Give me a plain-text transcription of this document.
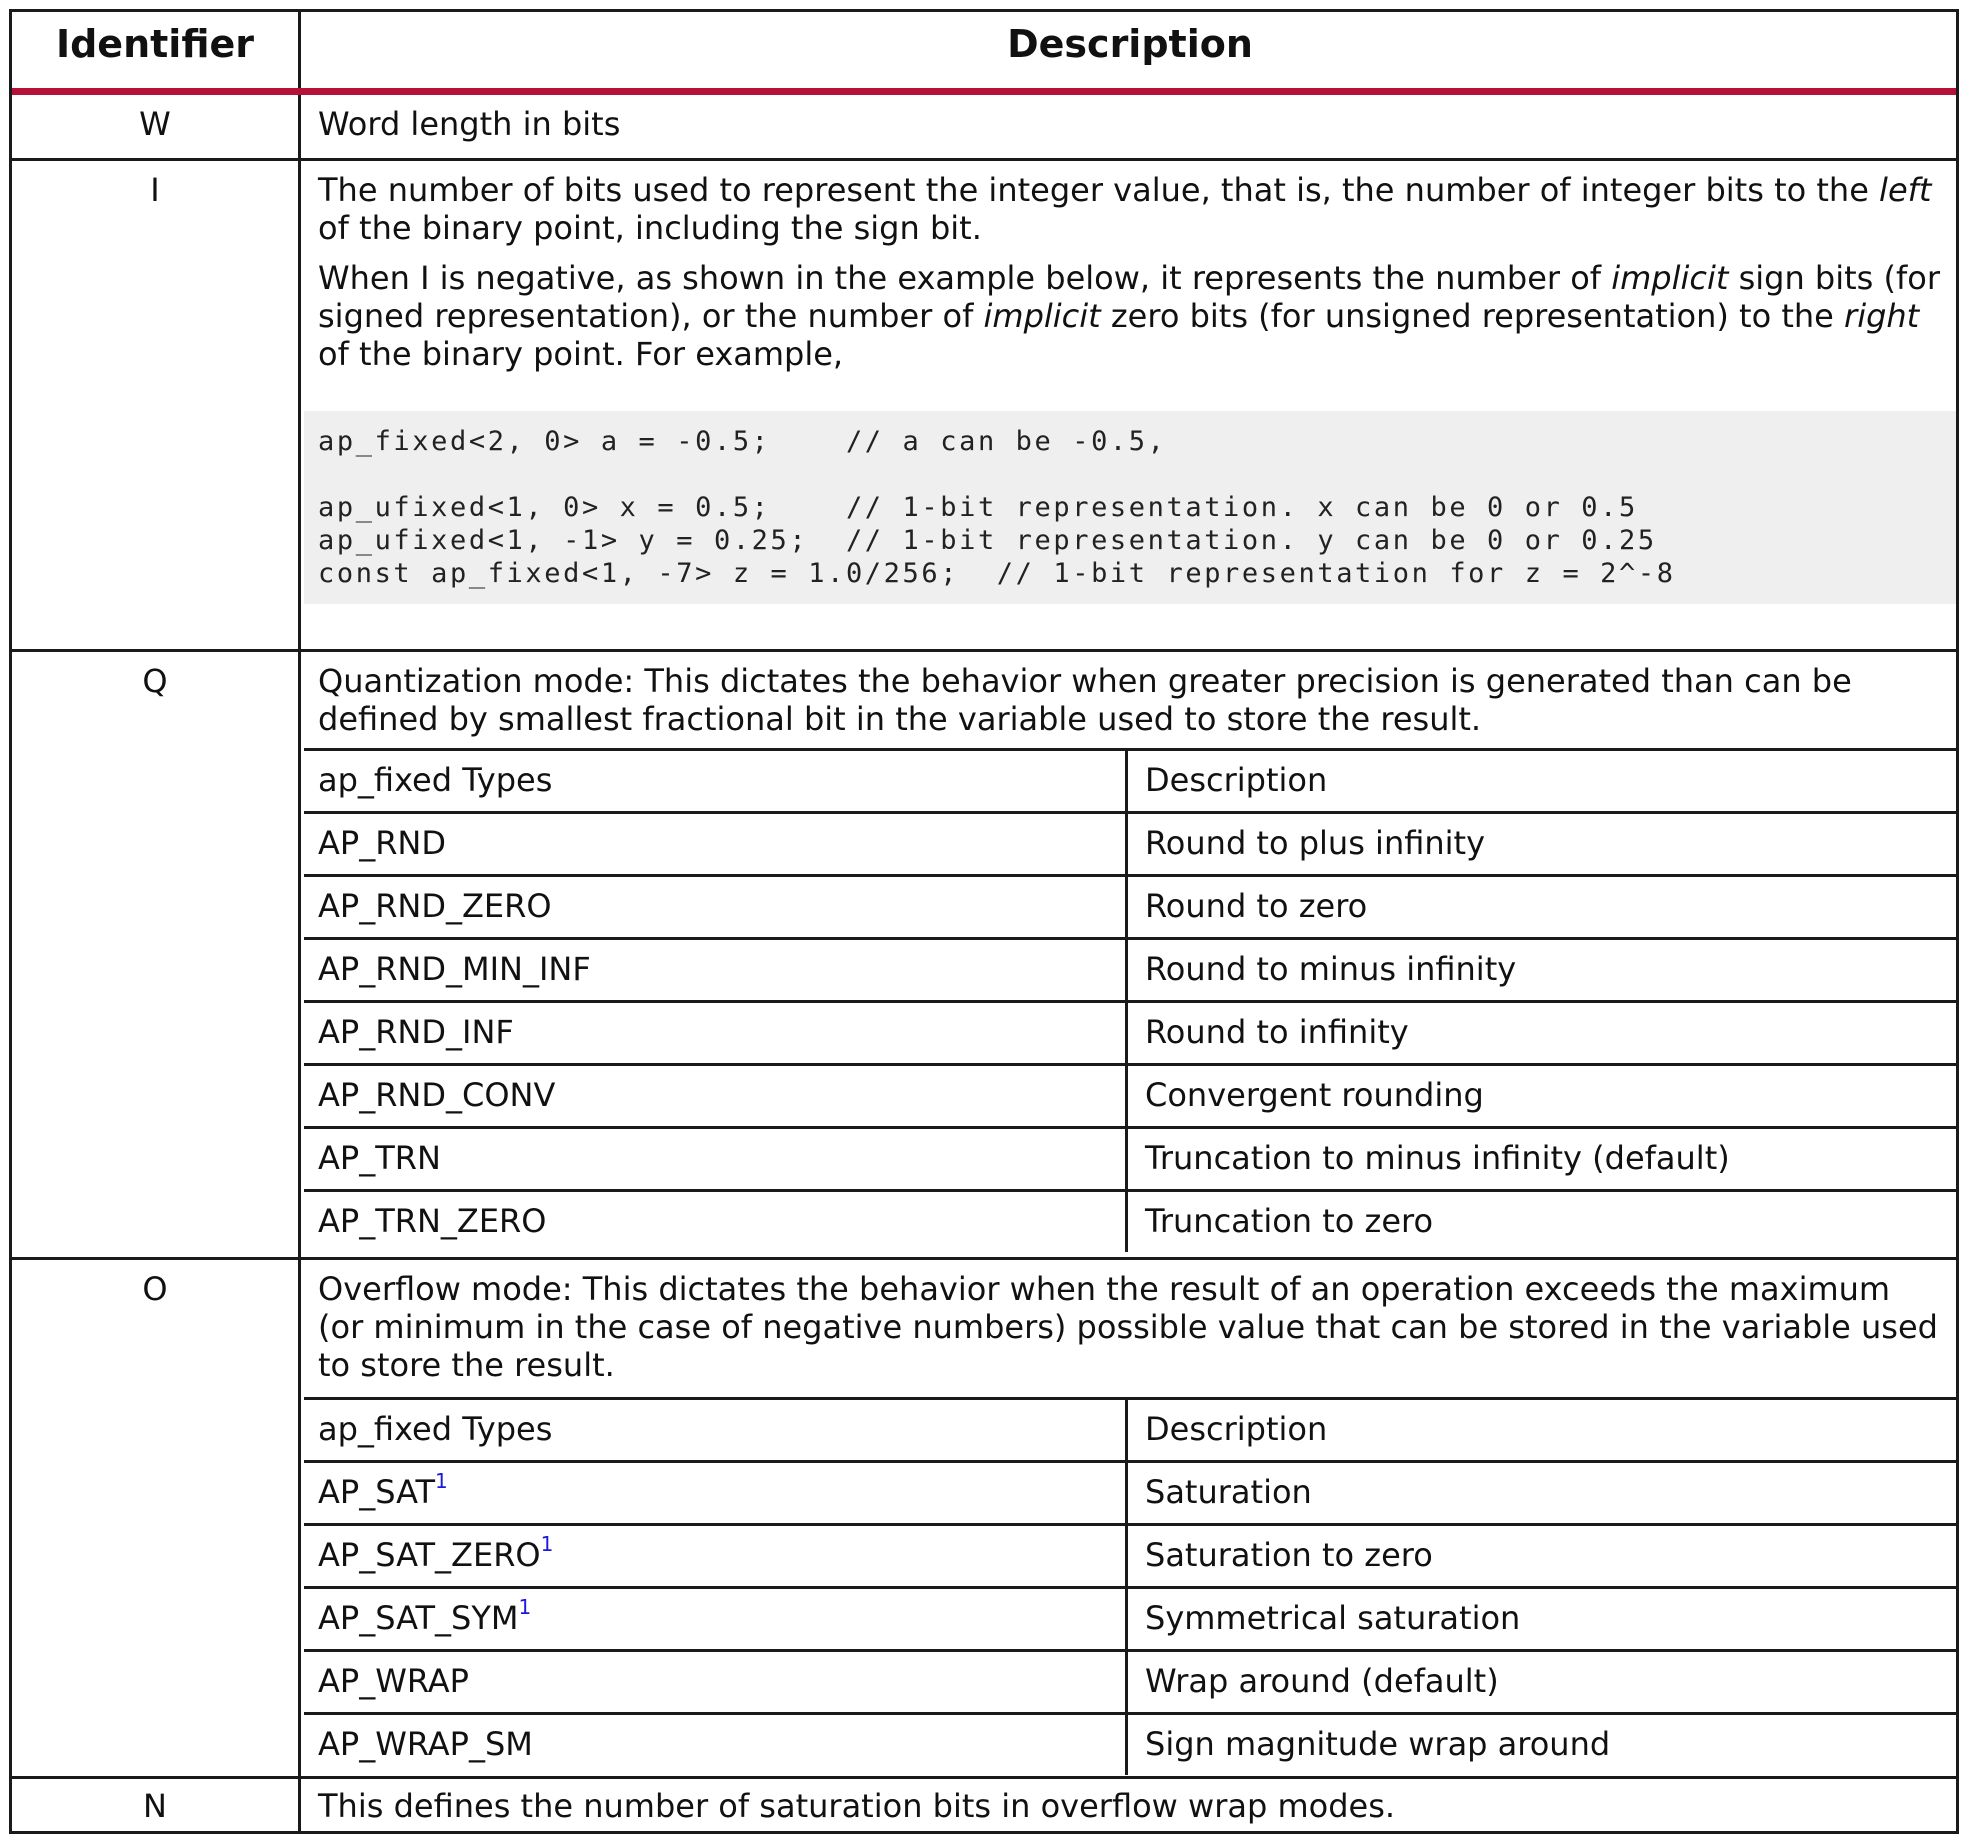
Identifier	Description
W	Word length in bits
I	The number of bits used to represent the integer value, that is, the number of integer bits to the left of the binary point, including the sign bit.

When I is negative, as shown in the example below, it represents the number of implicit sign bits (for signed representation), or the number of implicit zero bits (for unsigned representation) to the right of the binary point. For example,

ap_fixed<2, 0> a = -0.5;    // a can be -0.5,

ap_ufixed<1, 0> x = 0.5;    // 1-bit representation. x can be 0 or 0.5
ap_ufixed<1, -1> y = 0.25;  // 1-bit representation. y can be 0 or 0.25
const ap_fixed<1, -7> z = 1.0/256;  // 1-bit representation for z = 2^-8
Q	Quantization mode: This dictates the behavior when greater precision is generated than can be defined by smallest fractional bit in the variable used to store the result.
ap_fixed Types	Description
AP_RND	Round to plus infinity
AP_RND_ZERO	Round to zero
AP_RND_MIN_INF	Round to minus infinity
AP_RND_INF	Round to infinity
AP_RND_CONV	Convergent rounding
AP_TRN	Truncation to minus infinity (default)
AP_TRN_ZERO	Truncation to zero
O	Overflow mode: This dictates the behavior when the result of an operation exceeds the maximum (or minimum in the case of negative numbers) possible value that can be stored in the variable used to store the result.
ap_fixed Types	Description
AP_SAT$^1$	Saturation
AP_SAT_ZERO$^1$	Saturation to zero
AP_SAT_SYM$^1$	Symmetrical saturation
AP_WRAP	Wrap around (default)
AP_WRAP_SM	Sign magnitude wrap around
N	This defines the number of saturation bits in overflow wrap modes.
